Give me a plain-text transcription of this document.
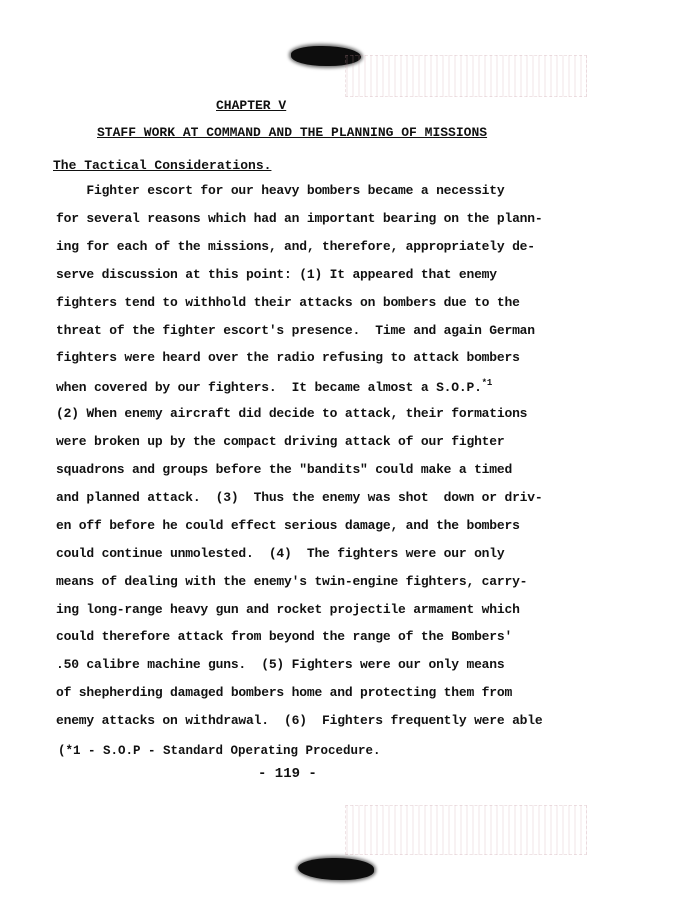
CHAPTER V
STAFF WORK AT COMMAND AND THE PLANNING OF MISSIONS
The Tactical Considerations.
Fighter escort for our heavy bombers became a necessity
for several reasons which had an important bearing on the plann-
ing for each of the missions, and, therefore, appropriately de-
serve discussion at this point: (1) It appeared that enemy
fighters tend to withhold their attacks on bombers due to the
threat of the fighter escort's presence.  Time and again German
fighters were heard over the radio refusing to attack bombers
when covered by our fighters.  It became almost a S.O.P.$^{*1}$
(2) When enemy aircraft did decide to attack, their formations
were broken up by the compact driving attack of our fighter
squadrons and groups before the "bandits" could make a timed
and planned attack.  (3)  Thus the enemy was shot  down or driv-
en off before he could effect serious damage, and the bombers
could continue unmolested.  (4)  The fighters were our only
means of dealing with the enemy's twin-engine fighters, carry-
ing long-range heavy gun and rocket projectile armament which
could therefore attack from beyond the range of the Bombers'
.50 calibre machine guns.  (5) Fighters were our only means
of shepherding damaged bombers home and protecting them from
enemy attacks on withdrawal.  (6)  Fighters frequently were able
(*1 - S.O.P - Standard Operating Procedure.
- 119 -
